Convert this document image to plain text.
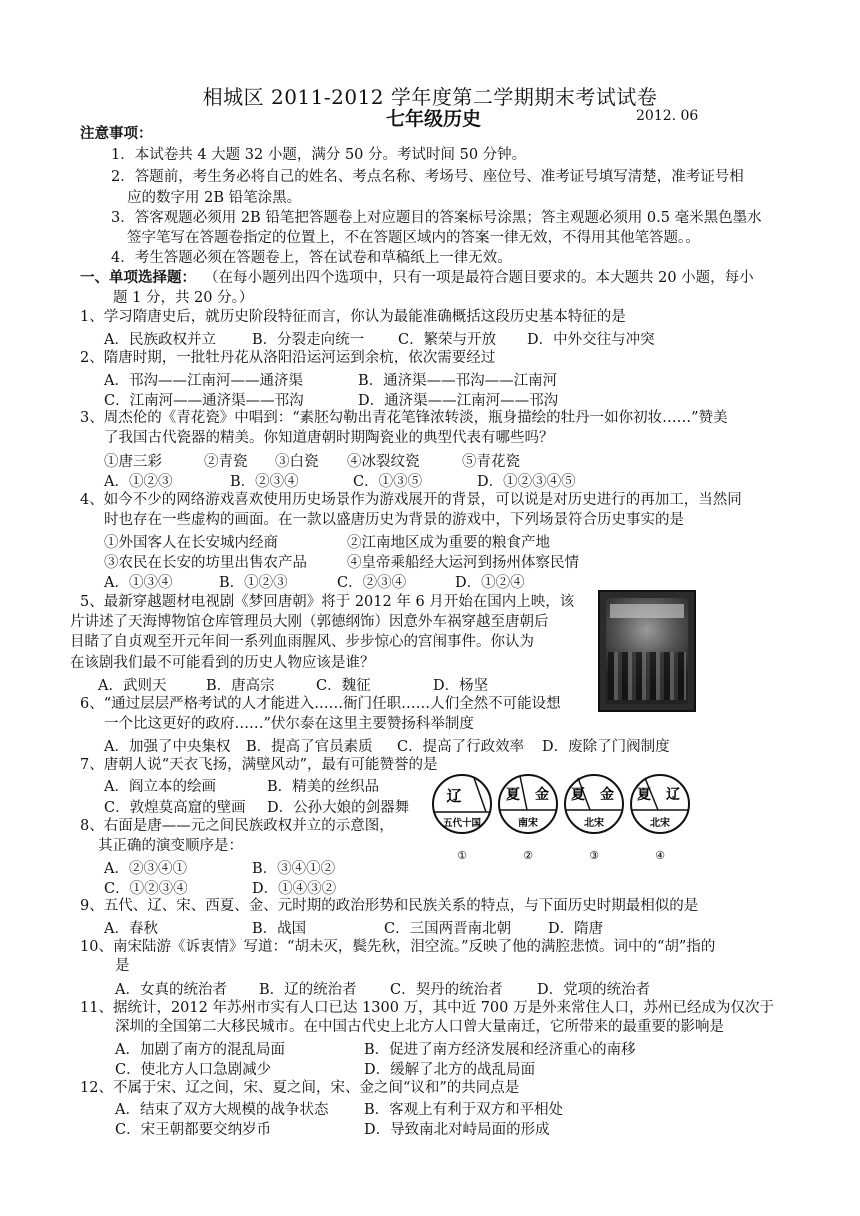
相城区 2011-2012 学年度第二学期期末考试试卷
七年级历史	2012. 06
注意事项：
1．本试卷共 4 大题 32 小题，满分 50 分。考试时间 50 分钟。
2．答题前，考生务必将自己的姓名、考点名称、考场号、座位号、准考证号填写清楚，准考证号相
应的数字用 2B 铅笔涂黑。
3．答客观题必须用 2B 铅笔把答题卷上对应题目的答案标号涂黑；答主观题必须用 0.5 毫米黑色墨水
签字笔写在答题卷指定的位置上，不在答题区域内的答案一律无效，不得用其他笔答题。。
4．考生答题必须在答题卷上，答在试卷和草稿纸上一律无效。
一、单项选择题： （在每小题列出四个选项中，只有一项是最符合题目要求的。本大题共 20 小题，每小
题 1 分，共 20 分。）
1、学习隋唐史后，就历史阶段特征而言，你认为最能准确概括这段历史基本特征的是
A．民族政权并立 B．分裂走向统一 C．繁荣与开放 D．中外交往与冲突
2、隋唐时期，一批牡丹花从洛阳沿运河运到余杭，依次需要经过
A．邗沟——江南河——通济渠	B．通济渠——邗沟——江南河
C．江南河——通济渠——邗沟	D．通济渠——江南河——邗沟
3、周杰伦的《青花瓷》中唱到：“素胚勾勒出青花笔锋浓转淡，瓶身描绘的牡丹一如你初妆……”赞美
了我国古代瓷器的精美。你知道唐朝时期陶瓷业的典型代表有哪些吗？
①唐三彩	②青瓷 ③白瓷 ④冰裂纹瓷	⑤青花瓷
A．①②③	B．②③④	C．①③⑤	D．①②③④⑤
4、如今不少的网络游戏喜欢使用历史场景作为游戏展开的背景，可以说是对历史进行的再加工，当然同
时也存在一些虚构的画面。在一款以盛唐历史为背景的游戏中，下列场景符合历史事实的是
①外国客人在长安城内经商	②江南地区成为重要的粮食产地
③农民在长安的坊里出售农产品	④皇帝乘船经大运河到扬州体察民情
A．①③④	B．①②③	C．②③④	D．①②④
5、最新穿越题材电视剧《梦回唐朝》将于 2012 年 6 月开始在国内上映，该
片讲述了天海博物馆仓库管理员大刚（郭德纲饰）因意外车祸穿越至唐朝后
目睹了自贞观至开元年间一系列血雨腥风、步步惊心的宫闱事件。你认为
在该剧我们最不可能看到的历史人物应该是谁？
A．武则天	B．唐高宗	C．魏征	D．杨坚
6、“通过层层严格考试的人才能进入……衙门任职……人们全然不可能设想
一个比这更好的政府……”伏尔泰在这里主要赞扬科举制度
A．加强了中央集权 B．提高了官员素质 C．提高了行政效率 D．废除了门阀制度
7、唐朝人说“天衣飞扬，满壁风动”，最有可能赞誉的是
A．阎立本的绘画	B．精美的丝织品
C．敦煌莫高窟的壁画 D．公孙大娘的剑器舞
8、右面是唐——元之间民族政权并立的示意图，
其正确的演变顺序是：
A．②③④①	B．③④①②
C．①②③④	D．①④③②
辽
五代十国
①
夏 金
南宋
②
夏 金
北宋
③
夏 辽
北宋
④
9、五代、辽、宋、西夏、金、元时期的政治形势和民族关系的特点，与下面历史时期最相似的是
A．春秋	B．战国	C．三国两晋南北朝	D．隋唐
10、南宋陆游《诉衷情》写道：“胡未灭，鬓先秋，泪空流。”反映了他的满腔悲愤。词中的“胡”指的
是
A．女真的统治者 B．辽的统治者 C．契丹的统治者 D．党项的统治者
11、据统计，2012 年苏州市实有人口已达 1300 万，其中近 700 万是外来常住人口，苏州已经成为仅次于
深圳的全国第二大移民城市。在中国古代史上北方人口曾大量南迁，它所带来的最重要的影响是
A．加剧了南方的混乱局面	B．促进了南方经济发展和经济重心的南移
C．使北方人口急剧减少	D．缓解了北方的战乱局面
12、不属于宋、辽之间，宋、夏之间，宋、金之间“议和”的共同点是
A．结束了双方大规模的战争状态 B．客观上有利于双方和平相处
C．宋王朝都要交纳岁币	D．导致南北对峙局面的形成
